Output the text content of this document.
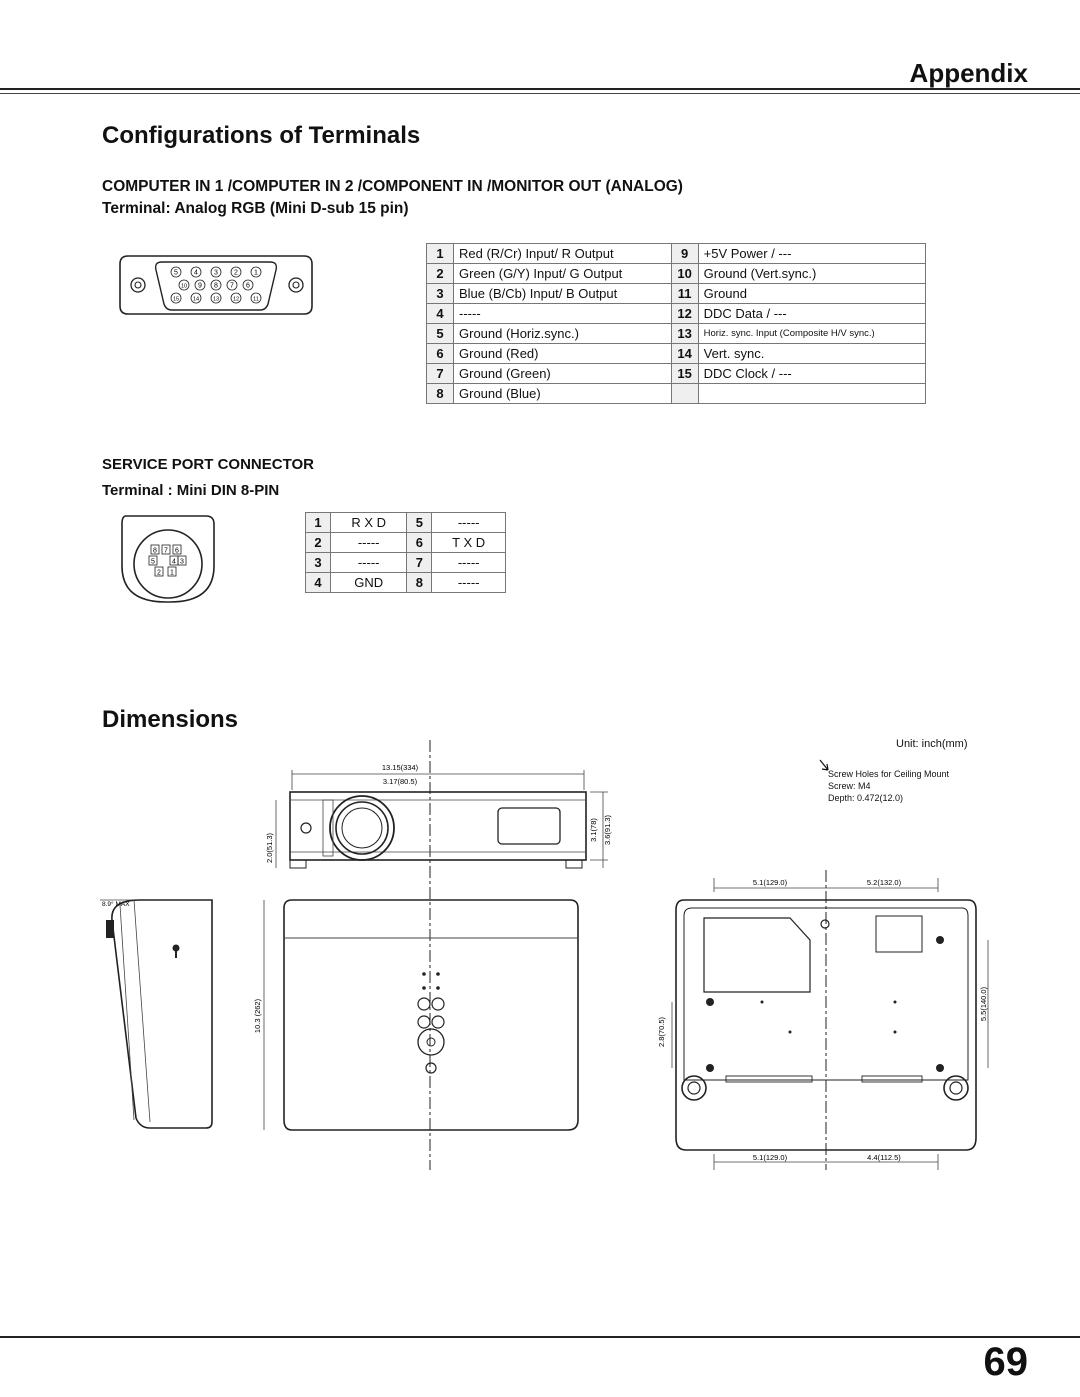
Appendix
Configurations of Terminals
COMPUTER IN 1 /COMPUTER IN 2 /COMPONENT IN /MONITOR OUT (ANALOG)
Terminal: Analog RGB (Mini D-sub 15 pin)
5 4 3 2 1
10 9 8 7 6
15	14	13	12	11
1	Red (R/Cr) Input/ R Output	9	+5V Power / ---
2	Green (G/Y) Input/ G Output	10	Ground (Vert.sync.)
3	Blue (B/Cb) Input/ B Output	11	Ground
4	-----	12	DDC Data / ---
5	Ground (Horiz.sync.)	13	Horiz. sync. Input (Composite H/V sync.)
6	Ground (Red)	14	Vert. sync.
7	Ground (Green)	15	DDC Clock / ---
8	Ground (Blue)		
SERVICE PORT CONNECTOR
Terminal : Mini DIN 8-PIN
8 7 6
5 4 3
2 1
1	R X D	5	-----
2	-----	6	T X D
3	-----	7	-----
4	GND	8	-----
Dimensions
Unit: inch(mm)
Screw Holes for Ceiling Mount
Screw: M4
Depth: 0.472(12.0)
13.15(334)
3.17(80.5)
2.0(51.3)
3.1(78) 3.6(91.3)
8.9° MAX
10.3 (262)
5.1(129.0)	5.2(132.0)
2.8(70.5)
5.5(140.0)
5.1(129.0)	4.4(112.5)
69
